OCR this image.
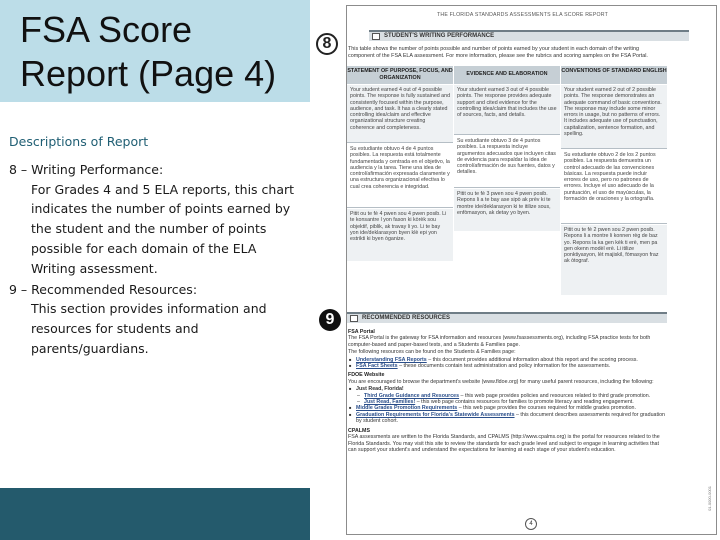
FSA Score Report (Page 4)
Descriptions of Report
8 – Writing Performance:
For Grades 4 and 5 ELA reports, this chart indicates the number of points earned by the student and the number of points possible for each domain of the ELA Writing assessment.
9 – Recommended Resources:
This section provides information and resources for students and parents/guardians.
8
9
THE FLORIDA STANDARDS ASSESSMENTS ELA SCORE REPORT
STUDENT'S WRITING PERFORMANCE
This table shows the number of points possible and number of points earned by your student in each domain of the writing component of the FSA ELA assessment. For more information, please see the rubrics and scoring samples on the FSA Portal.
STATEMENT OF PURPOSE, FOCUS, AND ORGANIZATION
EVIDENCE AND ELABORATION	CONVENTIONS OF STANDARD ENGLISH
Your student earned 4 out of 4 possible points. The response is fully sustained and consistently focused within the purpose, audience, and task. It has a clearly stated controlling idea/claim and effective organizational structure creating coherence and completeness.
Su estudiante obtuvo 4 de 4 puntos posibles. La respuesta está totalmente fundamentada y centrada en el objetivo, la audiencia y la tarea. Tiene una idea de control/afirmación expresada claramente y una estructura organizacional efectiva lo cual crea coherencia e integridad.
Pitit ou te fè 4 pwen sou 4 pwen posib. Li te konsantre l yon fason ki kòrèk sou objektif, piblik, ak travay li yo. Li te bay yon ide/deklarasyon byen klè epi yon estrikti ki byen òganize.
Your student earned 3 out of 4 possible points. The response provides adequate support and cited evidence for the controlling idea/claim that includes the use of sources, facts, and details.
Su estudiante obtuvo 3 de 4 puntos posibles. La respuesta incluye argumentos adecuados que incluyen citas de evidencia para respaldar la idea de control/afirmación de sus fuentes, datos y detalles.
Pitit ou te fè 3 pwen sou 4 pwen posib. Repons li a te bay ase sipò ak prèv ki te montre ide/deklarasyon ki te itilize sous, enfòmasyon, ak detay yo byen.
Your student earned 2 out of 2 possible points. The response demonstrates an adequate command of basic conventions. The response may include some minor errors in usage, but no patterns of errors. It includes adequate use of punctuation, capitalization, sentence formation, and spelling.
Su estudiante obtuvo 2 de los 2 puntos posibles. La respuesta demuestra un control adecuado de las convenciones básicas. La respuesta puede incluir errores de uso, pero no patrones de errores. Incluye el uso adecuado de la puntuación, el uso de mayúsculas, la formación de oraciones y la ortografía.
Pitit ou te fè 2 pwen sou 2 pwen posib. Repons li a montre li konnen règ de baz yo. Repons la ka gen kèk ti erè, men pa gen okenn modèl erè. Li itilize ponktiyasyon, lèt majiskil, fòmasyon fraz ak òtograf.
RECOMMENDED RESOURCES
FSA Portal
The FSA Portal is the gateway for FSA information and resources (www.fsassessments.org), including FSA practice tests for both computer-based and paper-based tests, and a Students & Families page.
The following resources can be found on the Students & Families page:
■ Understanding FSA Reports – this document provides additional information about this report and the scoring process.
■ FSA Fact Sheets – these documents contain test administration and policy information for the assessments.
FDOE Website
You are encouraged to browse the department's website (www.fldoe.org) for many useful parent resources, including the following:
■ Just Read, Florida!
– Third Grade Guidance and Resources – this web page provides policies and resources related to third grade promotion.
– Just Read, Families! – this web page contains resources for families to promote literacy and reading engagement.
■ Middle Grades Promotion Requirements – this web page provides the courses required for middle grades promotion.
■ Graduation Requirements for Florida's Statewide Assessments – this document describes assessments required for graduation by student cohort.
CPALMS
FSA assessments are written to the Florida Standards, and CPALMS (http://www.cpalms.org) is the portal for resources related to the Florida Standards. You may visit this site to review the standards for each grade level and subject to engage in learning activities that can support your student's and understand the expectations for learning at each stage of your student's education.
01-0000-0001
4
